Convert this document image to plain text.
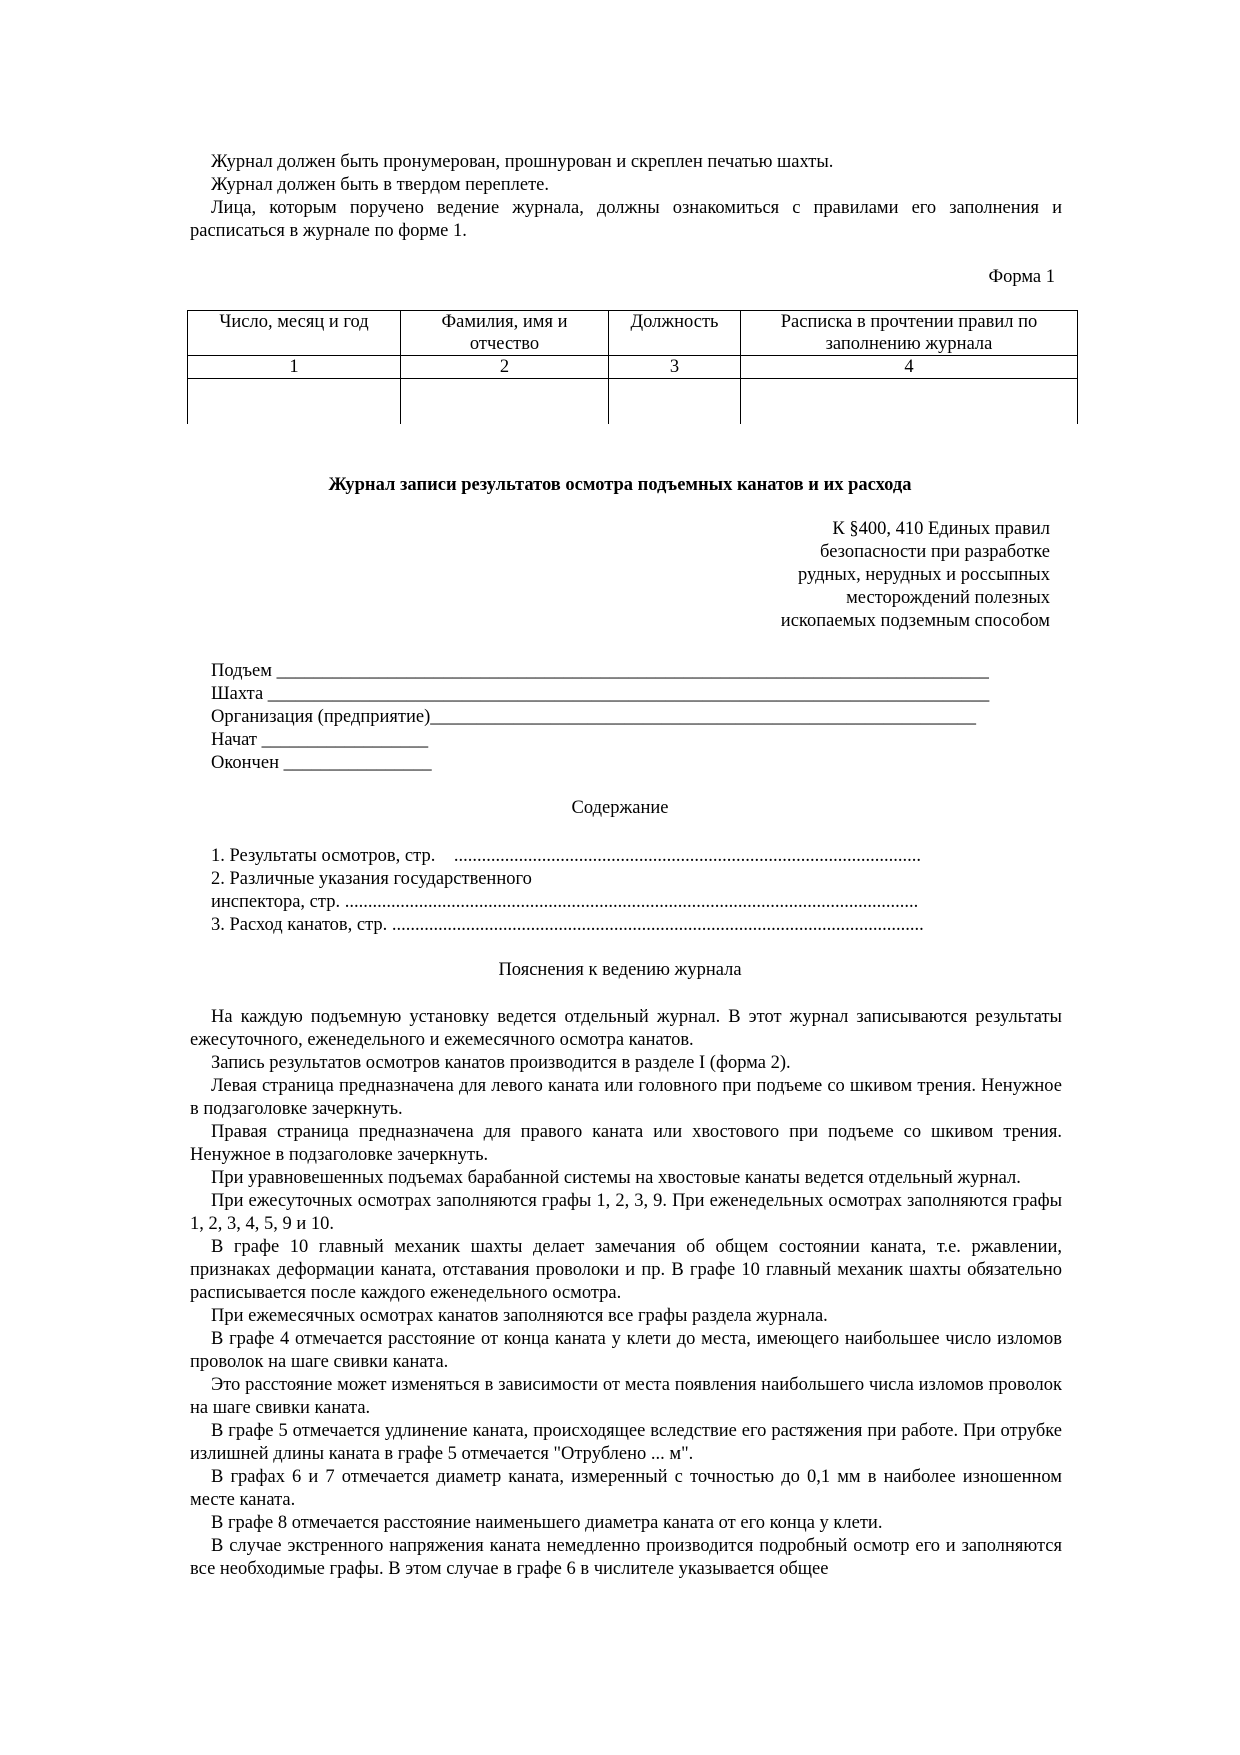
Журнал должен быть пронумерован, прошнурован и скреплен печатью шахты.

Журнал должен быть в твердом переплете.

Лица, которым поручено ведение журнала, должны ознакомиться с правилами его заполнения и расписаться в журнале по форме 1.

Форма 1
Число, месяц и год	Фамилия, имя и отчество	Должность	Расписка в прочтении правил по заполнению журнала
1	2	3	4

Журнал записи результатов осмотра подъемных канатов и их расхода

К §400, 410 Единых правил

безопасности при разработке

рудных, нерудных и россыпных

месторождений полезных

ископаемых подземным способом

Подъем _____________________________________________________________________________

Шахта ______________________________________________________________________________

Организация (предприятие)___________________________________________________________

Начат __________________

Окончен ________________

Содержание

1. Результаты осмотров, стр.    .....................................................................................................

2. Различные указания государственного

инспектора, стр. ............................................................................................................................

3. Расход канатов, стр. ...................................................................................................................

Пояснения к ведению журнала

На каждую подъемную установку ведется отдельный журнал. В этот журнал записываются результаты ежесуточного, еженедельного и ежемесячного осмотра канатов.

Запись результатов осмотров канатов производится в разделе I (форма 2).

Левая страница предназначена для левого каната или головного при подъеме со шкивом трения. Ненужное в подзаголовке зачеркнуть.

Правая страница предназначена для правого каната или хвостового при подъеме со шкивом трения. Ненужное в подзаголовке зачеркнуть.

При уравновешенных подъемах барабанной системы на хвостовые канаты ведется отдельный журнал.

При ежесуточных осмотрах заполняются графы 1, 2, 3, 9. При еженедельных осмотрах заполняются графы 1, 2, 3, 4, 5, 9 и 10.

В графе 10 главный механик шахты делает замечания об общем состоянии каната, т.е. ржавлении, признаках деформации каната, отставания проволоки и пр. В графе 10 главный механик шахты обязательно расписывается после каждого еженедельного осмотра.

При ежемесячных осмотрах канатов заполняются все графы раздела журнала.

В графе 4 отмечается расстояние от конца каната у клети до места, имеющего наибольшее число изломов проволок на шаге свивки каната.

Это расстояние может изменяться в зависимости от места появления наибольшего числа изломов проволок на шаге свивки каната.

В графе 5 отмечается удлинение каната, происходящее вследствие его растяжения при работе. При отрубке излишней длины каната в графе 5 отмечается "Отрублено ... м".

В графах 6 и 7 отмечается диаметр каната, измеренный с точностью до 0,1 мм в наиболее изношенном месте каната.

В графе 8 отмечается расстояние наименьшего диаметра каната от его конца у клети.

В случае экстренного напряжения каната немедленно производится подробный осмотр его и заполняются все необходимые графы. В этом случае в графе 6 в числителе указывается общее
